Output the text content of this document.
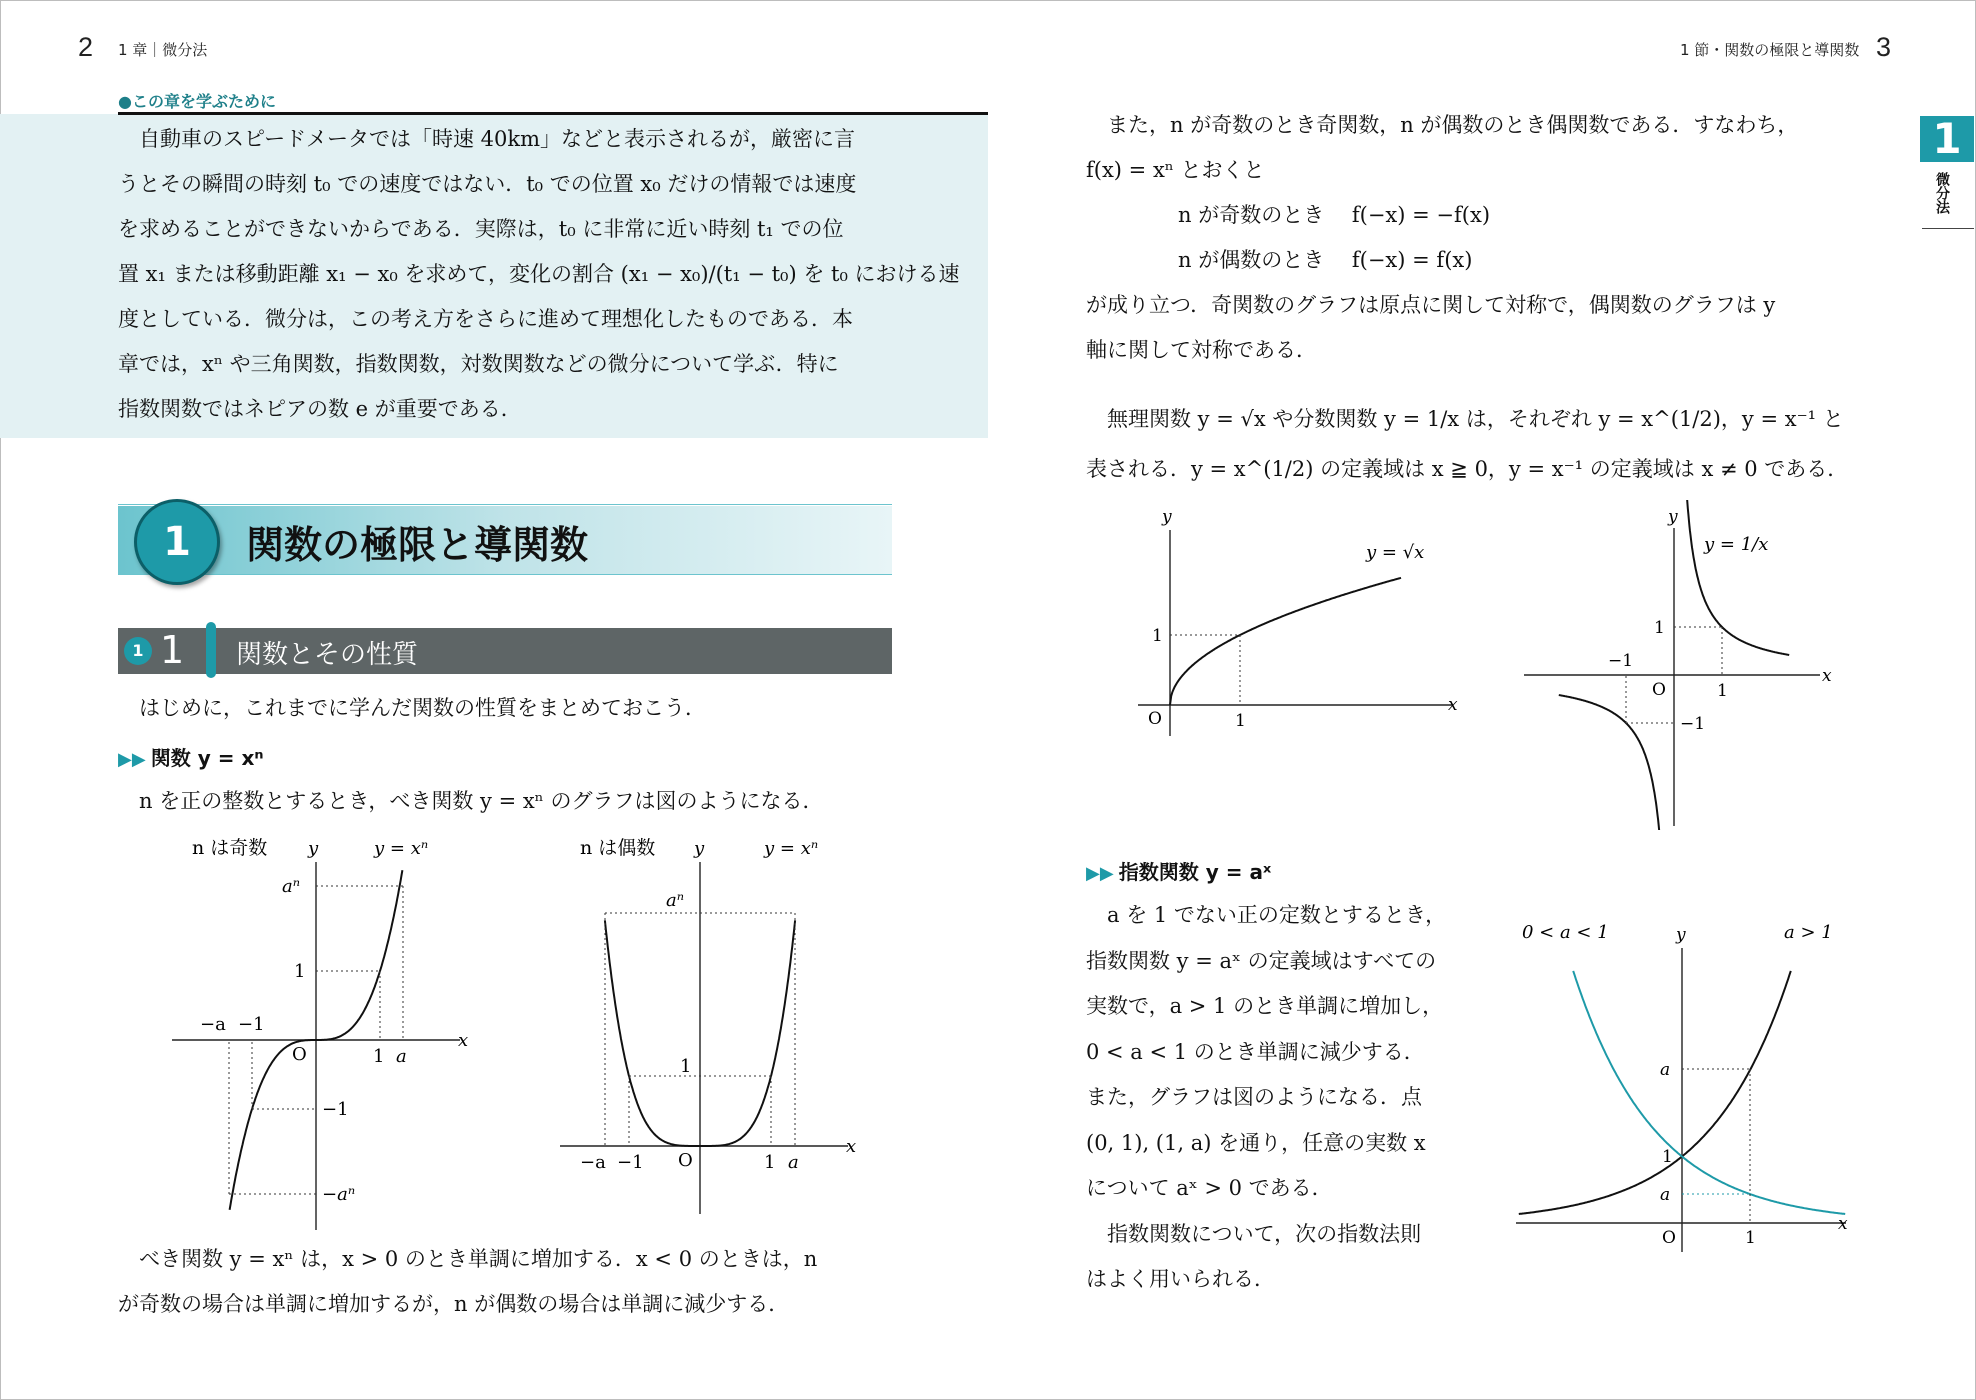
2 1 章｜微分法	1 節・関数の極限と導関数 3
1
微分法
●この章を学ぶために
　自動車のスピードメータでは「時速 40km」などと表示されるが，厳密に言
うとその瞬間の時刻 t₀ での速度ではない．t₀ での位置 x₀ だけの情報では速度
を求めることができないからである．実際は，t₀ に非常に近い時刻 t₁ での位
置 x₁ または移動距離 x₁ − x₀ を求めて，変化の割合 (x₁ − x₀)/(t₁ − t₀) を t₀ における速
度としている．微分は，この考え方をさらに進めて理想化したものである．本
章では，xⁿ や三角関数，指数関数，対数関数などの微分について学ぶ．特に
指数関数ではネピアの数 e が重要である．
1	関数の極限と導関数
1 1 関数とその性質
　はじめに，これまでに学んだ関数の性質をまとめておこう．
▶▶ 関数 y = xⁿ
　n を正の整数とするとき，べき関数 y = xⁿ のグラフは図のようになる．
n は奇数 y	y = xⁿ
x
O
−a −1
1 a
aⁿ
1
−1
−aⁿ
n は偶数 y	y = xⁿ
x
O
−a −1	1 a
aⁿ
1
　べき関数 y = xⁿ は，x > 0 のとき単調に増加する．x < 0 のときは，n
が奇数の場合は単調に増加するが，n が偶数の場合は単調に減少する．
　また，n が奇数のとき奇関数，n が偶数のとき偶関数である．すなわち，
f(x) = xⁿ とおくと
n が奇数のとき　 f(−x) = −f(x)
n が偶数のとき　 f(−x) = f(x)
が成り立つ．奇関数のグラフは原点に関して対称で，偶関数のグラフは y
軸に関して対称である．
　無理関数 y = √x や分数関数 y = 1/x は，それぞれ y = x^(1/2)，y = x⁻¹ と
表される．y = x^(1/2) の定義域は x ≧ 0，y = x⁻¹ の定義域は x ≠ 0 である．
y
y = √x
x
O
1
1
y
y = 1/x
x
O
1
−1
1
−1
▶▶ 指数関数 y = aˣ
　a を 1 でない正の定数とするとき，
指数関数 y = aˣ の定義域はすべての
実数で，a > 1 のとき単調に増加し，
0 < a < 1 のとき単調に減少する．
また，グラフは図のようになる．点
(0, 1), (1, a) を通り，任意の実数 x
について aˣ > 0 である．
　指数関数について，次の指数法則
はよく用いられる．
0 < a < 1	y	a > 1
x
O
a
1
a
1
